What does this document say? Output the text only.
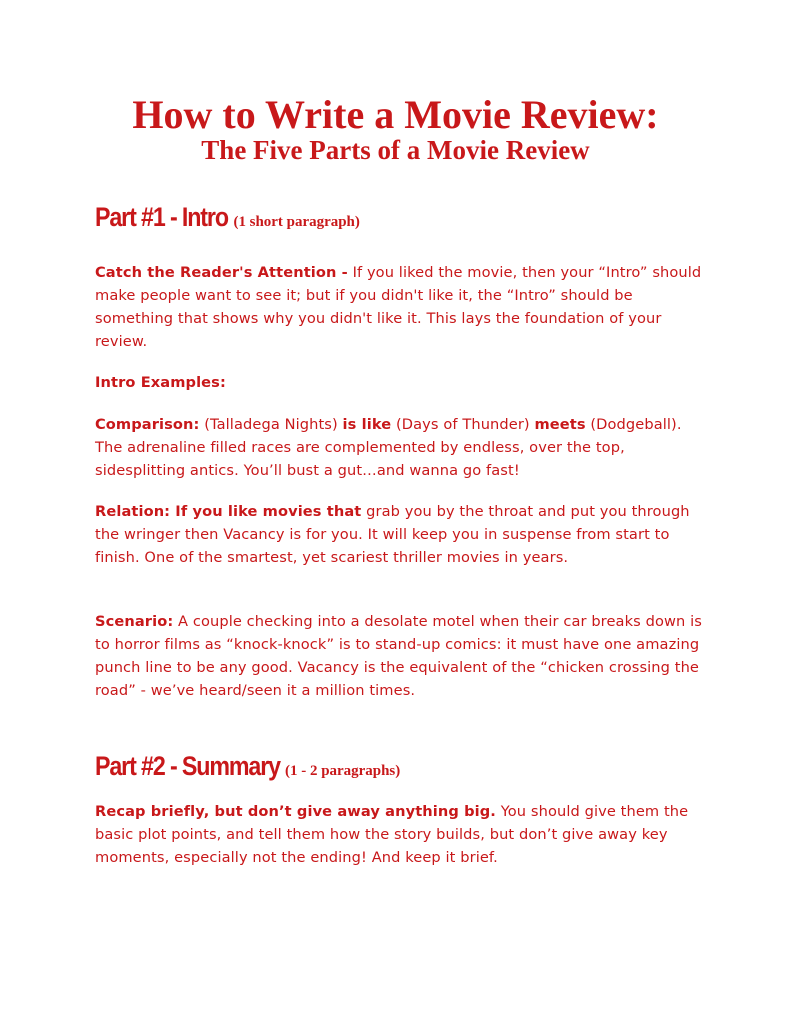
How to Write a Movie Review:
The Five Parts of a Movie Review
Part #1 - Intro (1 short paragraph)

Catch the Reader's Attention - If you liked the movie, then your “Intro” should make people want to see it; but if you didn't like it, the “Intro” should be something that shows why you didn't like it. This lays the foundation of your review.

Intro Examples:

Comparison: (Talladega Nights) is like (Days of Thunder) meets (Dodgeball). The adrenaline filled races are complemented by endless, over the top, sidesplitting antics. You’ll bust a gut…and wanna go fast!

Relation: If you like movies that grab you by the throat and put you through the wringer then Vacancy is for you. It will keep you in suspense from start to finish. One of the smartest, yet scariest thriller movies in years.

Scenario: A couple checking into a desolate motel when their car breaks down is to horror films as “knock-knock” is to stand-up comics: it must have one amazing punch line to be any good. Vacancy is the equivalent of the “chicken crossing the road” - we’ve heard/seen it a million times.

Part #2 - Summary (1 - 2 paragraphs)

Recap briefly, but don’t give away anything big. You should give them the basic plot points, and tell them how the story builds, but don’t give away key moments, especially not the ending! And keep it brief.
